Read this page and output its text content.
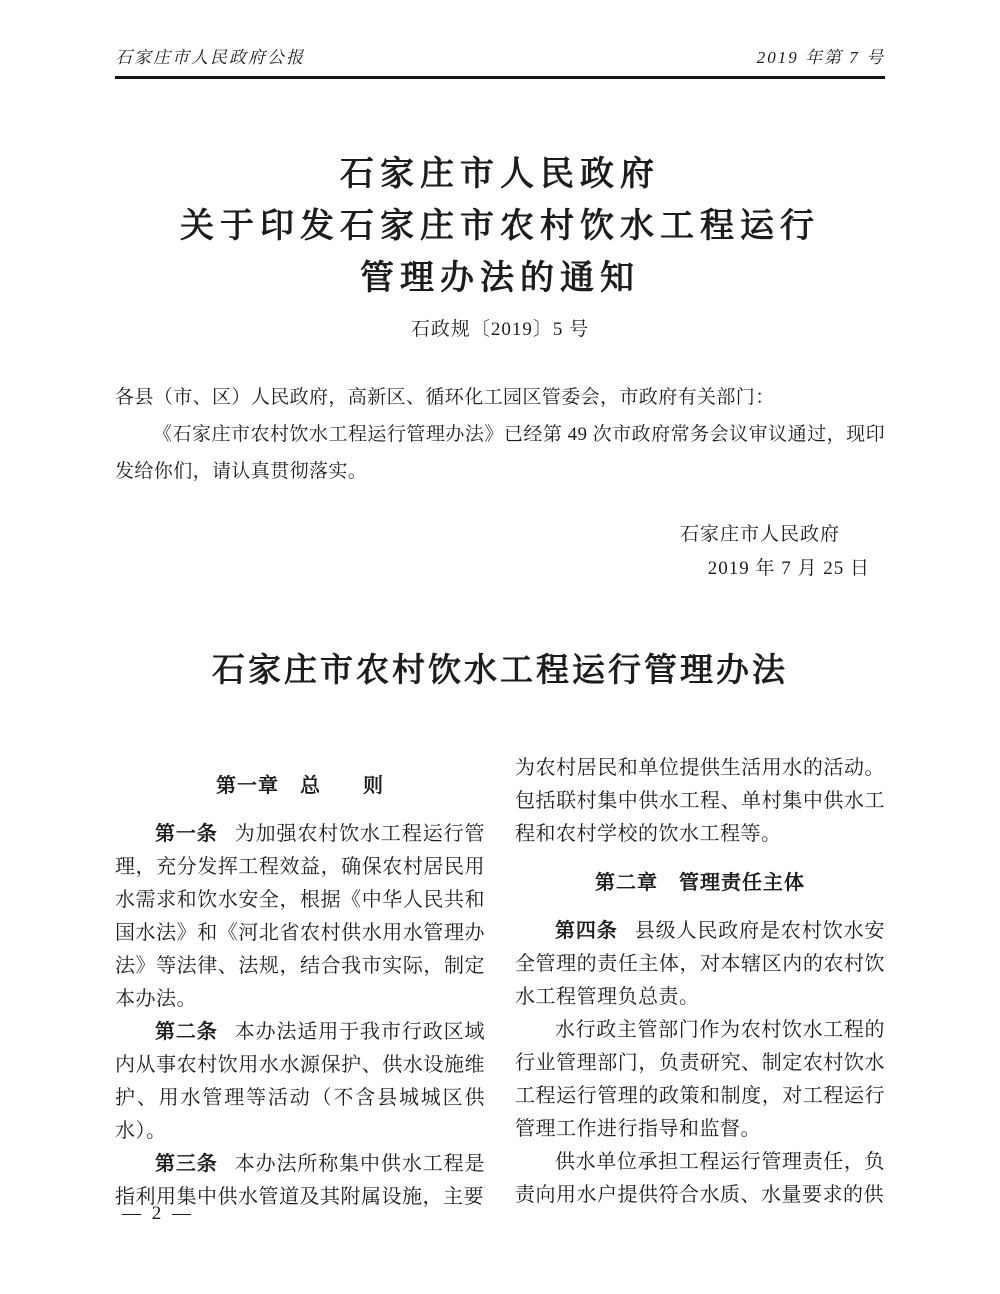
石家庄市人民政府公报	2019 年第 7 号
石家庄市人民政府
关于印发石家庄市农村饮水工程运行
管理办法的通知
石政规〔2019〕5 号

各县（市、区）人民政府，高新区、循环化工园区管委会，市政府有关部门：

《石家庄市农村饮水工程运行管理办法》已经第 49 次市政府常务会议审议通过，现印发给你们，请认真贯彻落实。

石家庄市人民政府
2019 年 7 月 25 日
石家庄市农村饮水工程运行管理办法
第一章　总　　则

第一条 为加强农村饮水工程运行管理，充分发挥工程效益，确保农村居民用水需求和饮水安全，根据《中华人民共和国水法》和《河北省农村供水用水管理办法》等法律、法规，结合我市实际，制定本办法。

第二条 本办法适用于我市行政区域内从事农村饮用水水源保护、供水设施维护、用水管理等活动（不含县城城区供水）。

第三条 本办法所称集中供水工程是指利用集中供水管道及其附属设施，主要

为农村居民和单位提供生活用水的活动。包括联村集中供水工程、单村集中供水工程和农村学校的饮水工程等。

第二章　管理责任主体

第四条 县级人民政府是农村饮水安全管理的责任主体，对本辖区内的农村饮水工程管理负总责。

水行政主管部门作为农村饮水工程的行业管理部门，负责研究、制定农村饮水工程运行管理的政策和制度，对工程运行管理工作进行指导和监督。

供水单位承担工程运行管理责任，负责向用水户提供符合水质、水量要求的供

— 2 —
